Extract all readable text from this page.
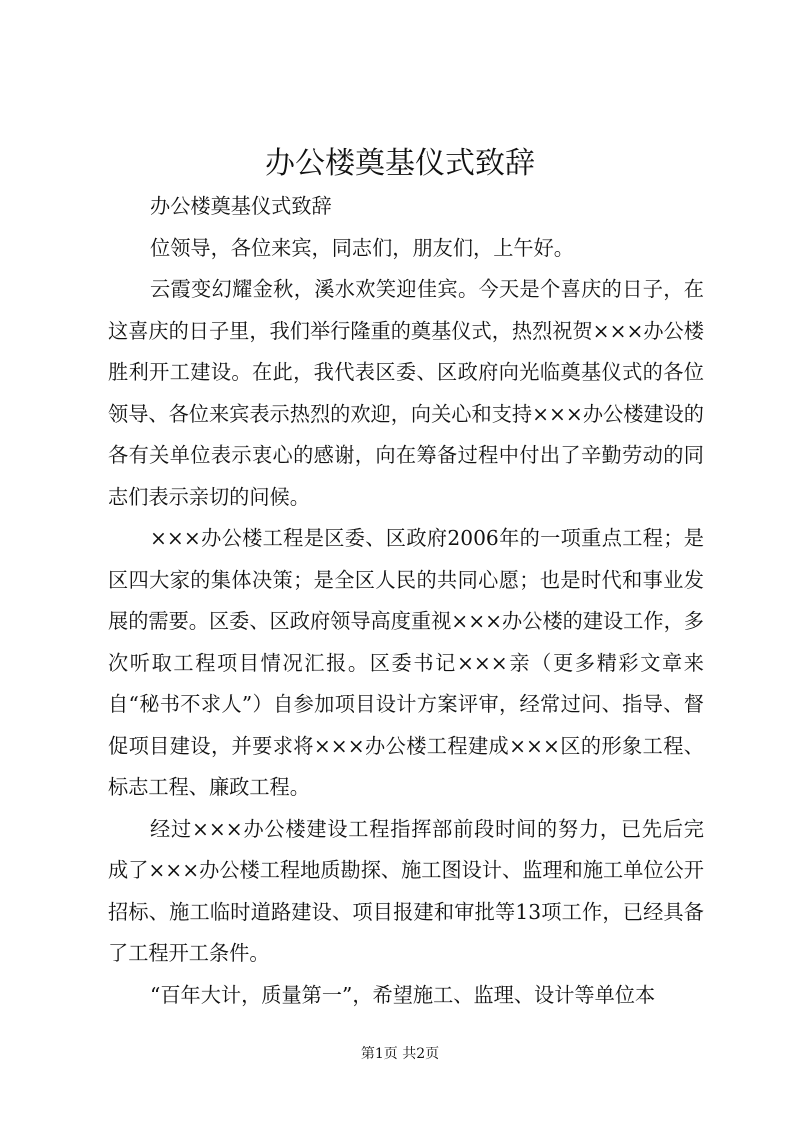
办公楼奠基仪式致辞

办公楼奠基仪式致辞

位领导，各位来宾，同志们，朋友们，上午好。

云霞变幻耀金秋，溪水欢笑迎佳宾。今天是个喜庆的日子，在这喜庆的日子里，我们举行隆重的奠基仪式，热烈祝贺×××办公楼胜利开工建设。在此，我代表区委、区政府向光临奠基仪式的各位领导、各位来宾表示热烈的欢迎，向关心和支持×××办公楼建设的各有关单位表示衷心的感谢，向在筹备过程中付出了辛勤劳动的同志们表示亲切的问候。

×××办公楼工程是区委、区政府2006年的一项重点工程；是区四大家的集体决策；是全区人民的共同心愿；也是时代和事业发展的需要。区委、区政府领导高度重视×××办公楼的建设工作，多次听取工程项目情况汇报。区委书记×××亲（更多精彩文章来自“秘书不求人”）自参加项目设计方案评审，经常过问、指导、督促项目建设，并要求将×××办公楼工程建成×××区的形象工程、标志工程、廉政工程。

经过×××办公楼建设工程指挥部前段时间的努力，已先后完成了×××办公楼工程地质勘探、施工图设计、监理和施工单位公开招标、施工临时道路建设、项目报建和审批等13项工作，已经具备了工程开工条件。

“百年大计，质量第一”，希望施工、监理、设计等单位本

第1页 共2页
